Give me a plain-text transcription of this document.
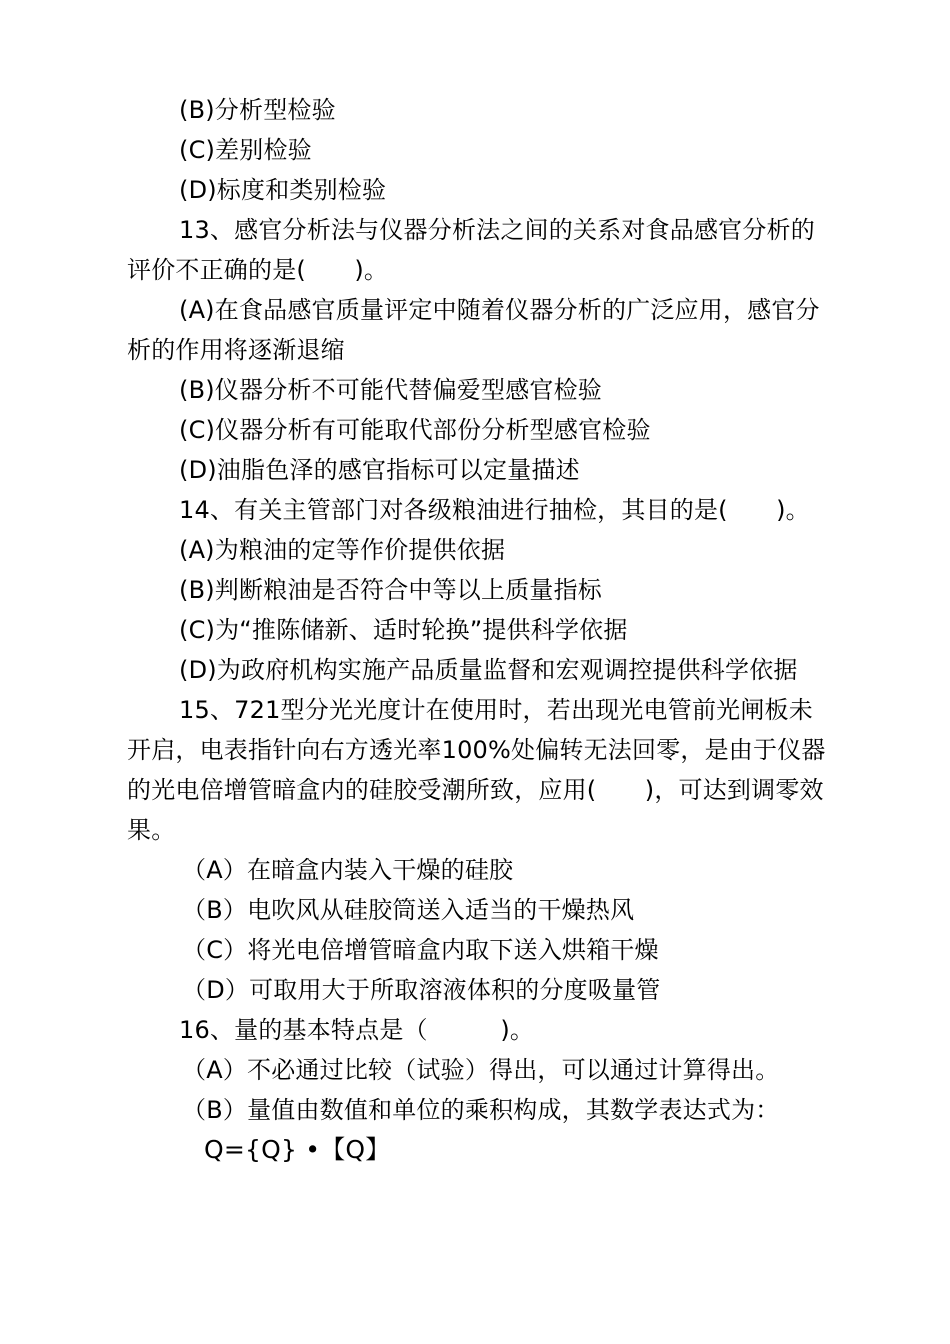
(B)分析型检验
(C)差别检验
(D)标度和类别检验
13、感官分析法与仪器分析法之间的关系对食品感官分析的
评价不正确的是(　　)。
(A)在食品感官质量评定中随着仪器分析的广泛应用，感官分
析的作用将逐渐退缩
(B)仪器分析不可能代替偏爱型感官检验
(C)仪器分析有可能取代部份分析型感官检验
(D)油脂色泽的感官指标可以定量描述
14、有关主管部门对各级粮油进行抽检，其目的是(　　)。
(A)为粮油的定等作价提供依据
(B)判断粮油是否符合中等以上质量指标
(C)为“推陈储新、适时轮换”提供科学依据
(D)为政府机构实施产品质量监督和宏观调控提供科学依据
15、721型分光光度计在使用时，若出现光电管前光闸板未
开启，电表指针向右方透光率100%处偏转无法回零，是由于仪器
的光电倍增管暗盒内的硅胶受潮所致，应用(　　)，可达到调零效
果。
（A）在暗盒内装入干燥的硅胶
（B）电吹风从硅胶筒送入适当的干燥热风
（C）将光电倍增管暗盒内取下送入烘箱干燥
（D）可取用大于所取溶液体积的分度吸量管
16、量的基本特点是（　　　)。
（A）不必通过比较（试验）得出，可以通过计算得出。
（B）量值由数值和单位的乘积构成，其数学表达式为：
Q={Q} •【Q】
